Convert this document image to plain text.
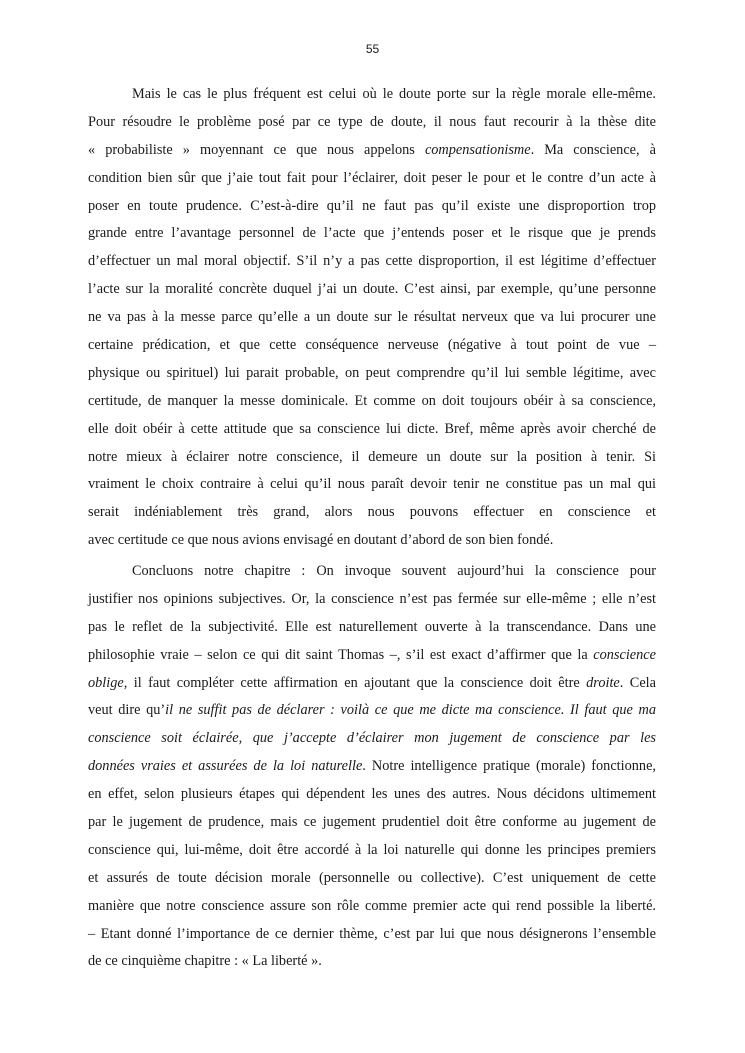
55
Mais le cas le plus fréquent est celui où le doute porte sur la règle morale elle-même.
Pour résoudre le problème posé par ce type de doute, il nous faut recourir à la thèse dite
« probabiliste » moyennant ce que nous appelons compensationisme. Ma conscience, à
condition bien sûr que j’aie tout fait pour l’éclairer, doit peser le pour et le contre d’un acte à
poser en toute prudence. C’est-à-dire qu’il ne faut pas qu’il existe une disproportion trop
grande entre l’avantage personnel de l’acte que j’entends poser et le risque que je prends
d’effectuer un mal moral objectif. S’il n’y a pas cette disproportion, il est légitime d’effectuer
l’acte sur la moralité concrète duquel j’ai un doute. C’est ainsi, par exemple, qu’une personne
ne va pas à la messe parce qu’elle a un doute sur le résultat nerveux que va lui procurer une
certaine prédication, et que cette conséquence nerveuse (négative à tout point de vue –
physique ou spirituel) lui parait probable, on peut comprendre qu’il lui semble légitime, avec
certitude, de manquer la messe dominicale. Et comme on doit toujours obéir à sa conscience,
elle doit obéir à cette attitude que sa conscience lui dicte. Bref, même après avoir cherché de
notre mieux à éclairer notre conscience, il demeure un doute sur la position à tenir. Si
vraiment le choix contraire à celui qu’il nous paraît devoir tenir ne constitue pas un mal qui
serait indéniablement très grand, alors nous pouvons effectuer en conscience et
avec certitude ce que nous avions envisagé en doutant d’abord de son bien fondé.
Concluons notre chapitre : On invoque souvent aujourd’hui la conscience pour
justifier nos opinions subjectives. Or, la conscience n’est pas fermée sur elle-même ; elle n’est
pas le reflet de la subjectivité. Elle est naturellement ouverte à la transcendance. Dans une
philosophie vraie – selon ce qui dit saint Thomas –, s’il est exact d’affirmer que la conscience
oblige, il faut compléter cette affirmation en ajoutant que la conscience doit être droite. Cela
veut dire qu’il ne suffit pas de déclarer : voilà ce que me dicte ma conscience. Il faut que ma
conscience soit éclairée, que j’accepte d’éclairer mon jugement de conscience par les
données vraies et assurées de la loi naturelle. Notre intelligence pratique (morale) fonctionne,
en effet, selon plusieurs étapes qui dépendent les unes des autres. Nous décidons ultimement
par le jugement de prudence, mais ce jugement prudentiel doit être conforme au jugement de
conscience qui, lui-même, doit être accordé à la loi naturelle qui donne les principes premiers
et assurés de toute décision morale (personnelle ou collective). C’est uniquement de cette
manière que notre conscience assure son rôle comme premier acte qui rend possible la liberté.
– Etant donné l’importance de ce dernier thème, c’est par lui que nous désignerons l’ensemble
de ce cinquième chapitre : « La liberté ».
